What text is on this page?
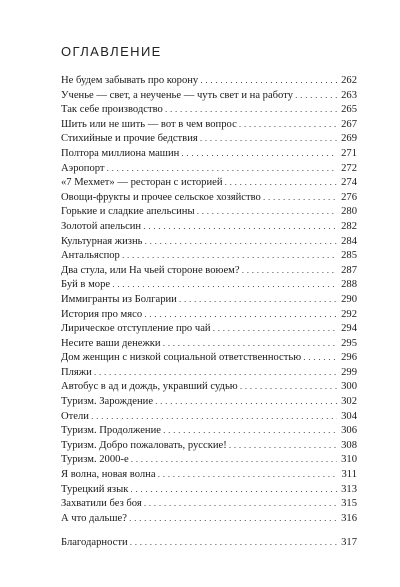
ОГЛАВЛЕНИЕ
Не будем забывать про корону . . .	262
Ученье — свет, а неученье — чуть свет и на работу . . .	263
Так себе производство . . .	265
Шить или не шить — вот в чем вопрос . . .	267
Стихийные и прочие бедствия . . .	269
Полтора миллиона машин . . .	271
Аэропорт . . .	272
«7 Мехмет» — ресторан с историей . . .	274
Овощи-фрукты и прочее сельское хозяйство . . .	276
Горькие и сладкие апельсины . . .	280
Золотой апельсин . . .	282
Культурная жизнь . . .	284
Антальяспор . . .	285
Два стула, или На чьей стороне воюем? . . .	287
Буй в море . . .	288
Иммигранты из Болгарии . . .	290
История про мясо . . .	292
Лирическое отступление про чай . . .	294
Несите ваши денежки . . .	295
Дом женщин с низкой социальной ответственностью . . .	296
Пляжи . . .	299
Автобус в ад и дождь, укравший судью . . .	300
Туризм. Зарождение . . .	302
Отели . . .	304
Туризм. Продолжение . . .	306
Туризм. Добро пожаловать, русские! . . .	308
Туризм. 2000-е . . .	310
Я волна, новая волна . . .	311
Турецкий язык . . .	313
Захватили без боя . . .	315
А что дальше? . . .	316
Благодарности . . .	317
